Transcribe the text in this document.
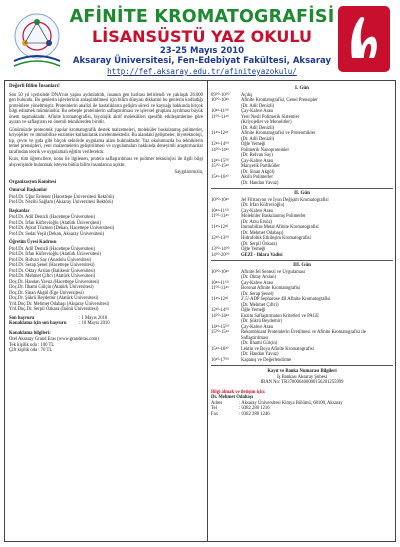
AFİNİTE KROMATOGRAFİSİ
LİSANSÜSTÜ YAZ OKULU
23-25 Mayıs 2010
Aksaray Üniversitesi, Fen-Edebiyat Fakültesi, Aksaray
http://fef.aksaray.edu.tr/afiniteyazokulu/
Değerli Bilim İnsanları!
Son 50 yıl içerisinde DNA'nın yapısı aydınlatıldı, insanın gen haritası belirlendi ve yaklaşık 26.000 gen bulundu. Bu genlerin işlevlerinin anlaşılabilmesi için bilim dünyası dikkatini bu genlerin kodladığı proteinlere yöneltmiştir. Proteinlerin analizi ile hastalıkların gelişim süreci ve kaynağı hakkında birçok bilgi edinmek mümkündür. Bu sebeple proteinlerin saflaştırılması ve işlevsel gruplara ayrılması büyük önem taşımaktadır. Afinite kromatografisi, biyolojik aktif molekülleri spesifik etkileşimlerine göre ayıran ve saflaştıran en önemli tekniklerden biridir.
Günümüzde proteomik yapılar kromatografik destek malzemeleri, moleküler baskılanmış polimerler, kriyojeller ve immobilize enzimler kullanılarak incelenmektedir. Bu alandaki gelişmeler, biyoteknoloji, tıp, çevre ve gıda gibi birçok sektörde uygulama alanı bulmaktadır. Yaz okulumuzda bu tekniklerin temel prensipleri, yeni malzemelerin geliştirilmesi ve uygulamaları hakkında deneyimli araştırmacılar tarafından teorik ve uygulamalı eğitim verilecektir.
Kurs, tüm öğrencilere, konu ile ilgilenen, protein saflaştırılması ve polimer teknolojisi ile ilgili bilgi alışverişinde bulunmak isteyen bütün bilim insanlarına açıktır.
Saygılarımızla,
Organizasyon Komitesi
Onursal Başkanlar
Prof.Dr. Uğur Erdener (Hacettepe Üniversitesi Rektörü)
Prof.Dr. Nezihi Sağlam (Aksaray Üniversitesi Rektörü)
Başkanlar
Prof.Dr. Adil Denizli (Hacettepe Üniversitesi)
Prof.Dr. İrfan Küfrevioğlu (Atatürk Üniversitesi)
Prof.Dr. Aykut Tüzmen (Dekan, Hacettepe Üniversitesi)
Prof.Dr. Sedat Yeşil (Dekan, Aksaray Üniversitesi)
Öğretim Üyesi Kadrosu
Prof.Dr. Adil Denizli (Hacettepe Üniversitesi)
Prof.Dr. İrfan Küfrevioğlu (Atatürk Üniversitesi)
Prof.Dr. Rıdvan Say (Anadolu Üniversitesi)
Prof.Dr. Serap Şenel (Hacettepe Üniversitesi)
Prof.Dr. Oktay Arslan (Balıkesir Üniversitesi)
Prof.Dr. Mehmet Çiftci (Atatürk Üniversitesi)
Doç.Dr. Handan Yavuz (Hacettepe Üniversitesi)
Doç.Dr. İlhami Gülçin (Atatürk Üniversitesi)
Doç.Dr. Sinan Akgöl (Ege Üniversitesi)
Doç.Dr. Şükrü Beydemir (Atatürk Üniversitesi)
Yrd.Doç.Dr. Mehmet Odabaşı (Aksaray Üniversitesi)
Yrd.Doç.Dr. Serpil Özkara (İnönü Üniversitesi)
Son başvuru	: 1 Mayıs 2010
Konaklama için son başvuru	: 10 Mayıs 2010
Konaklama bilgileri:
Otel Aksaray Grand Eras (www.granderas.com)
Tek kişilik oda : 100 TL
Çift kişilik oda : 70 TL
I. Gün
09⁰⁰-10⁰⁰	Açılış
10⁰⁰-10⁴⁵	Afinite Kromatografisi, Genel Prensipler
(Dr. Adil Denizli)
10⁴⁵-11⁰⁰	Çay-Kahve Arası
11⁰⁰-11⁴⁵	Yeni Nesil Polimerik Sistemler
(Kriyojeller ve Monolitler)
(Dr. Adil Denizli)
11⁴⁵-12⁴⁵	Afinite Kromatografisi ve Proteomikler
(Dr. Adil Denizli)
12⁴⁵-14⁰⁰	Öğle Yemeği
14⁰⁰-14⁴⁵	Polimerik Nanoproteinler
(Dr. Rıdvan Say)
14⁴⁵-15⁰⁰	Çay-Kahve Arası
15⁰⁰-15⁴⁵	Manyetik Partiküller
(Dr. Sinan Akgöl)
15⁴⁵-16³⁰	Akıllı Polimerler
(Dr. Handan Yavuz)
II. Gün
10⁰⁰-10⁴⁵	Jel Filtrasyon ve İyon Değişim Kromatografisi
(Dr. İrfan Küfrevioğlu)
10⁴⁵-11⁰⁰	Çay-Kahve Arası
11⁰⁰-11⁴⁵	Moleküler Baskılanmış Polimerler
(Dr. Arzu Ersöz)
11⁴⁵-12³⁰	İmmobilize Metal Afinite Kromatografisi
(Dr. Mehmet Odabaşı)
12³⁰-13⁰⁰	Hidrofobik Etkileşim Kromatografisi
(Dr. Serpil Özkara)
13⁰⁰-14⁰⁰	Öğle Yemeği
14⁰⁰-20⁰⁰	GEZİ - Ihlara Vadisi
III. Gün
10⁰⁰-10⁴⁵	Afinite Jel Sentezi ve Uygulaması
(Dr. Oktay Arslan)
10⁴⁵-11⁰⁰	Çay-Kahve Arası
11⁰⁰-11⁴⁵	Boronat Afinite Kromatografisi
(Dr. Serap Şenel)
11⁴⁵-12³⁰	2',5'-ADP Sepharose 4B Afinite Kromatografisi
(Dr. Mehmet Çiftci)
12³⁰-14⁰⁰	Öğle Yemeği
14⁰⁰-14⁴⁵	Enzim Saflaştırmanın Kriterleri ve PAGE
(Dr. Şükrü Beydemir)
14⁴⁵-15⁰⁰	Çay-Kahve Arası
15⁰⁰-15⁴⁵	Rekombinant Proteinlerin Üretilmesi ve Afinite Kromatografisi ile Saflaştırılması
(Dr. İlhami Gülçin)
15⁴⁵-16³⁰	Lektin ve Boya Afinite Kromatografisi
(Dr. Handan Yavuz)
16³⁰-17⁰⁰	Kapanış ve Değerlendirme
Kayıt ve Banka Numarası Bilgileri
İş Bankası Aksaray Şubesi
IBAN No: TR370006400000156201255999
Bilgi almak ve iletişim için:
Dr. Mehmet Odabaşı
Adres	: Aksaray Üniversitesi Kimya Bölümü, 68100, Aksaray
Tel	: 0382 280 1216
Fax	: 0382 280 1246
